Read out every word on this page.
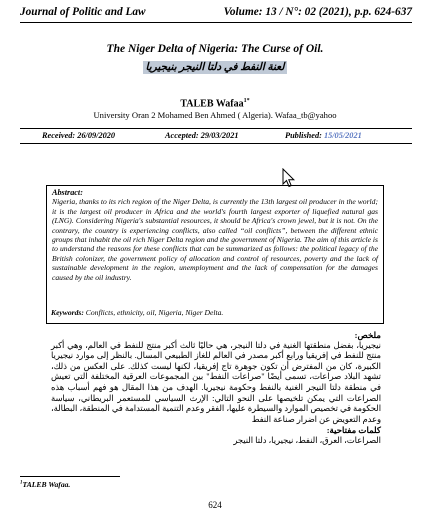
Journal of Politic and Law	Volume: 13 / N°: 02 (2021), p.p. 624-637
The Niger Delta of Nigeria: The Curse of Oil.
لعنة النفط في دلتا النيجر بنيجيريا
TALEB Wafaa$^{1*}$
University Oran 2 Mohamed Ben Ahmed ( Algeria). Wafaa_tb@yahoo
Received: 26/09/2020	Accepted: 29/03/2021	Published: 15/05/2021
Abstract:
Nigeria, thanks to its rich region of the Niger Delta, is currently the 13th largest oil producer in the world; it is the largest oil producer in Africa and the world's fourth largest exporter of liquefied natural gas (LNG). Considering Nigeria's substantial resources, it should be Africa's crown jewel, but it is not. On the contrary, the country is experiencing conflicts, also called “oil conflicts”, between the different ethnic groups that inhabit the oil rich Niger Delta region and the government of Nigeria. The aim of this article is to understand the reasons for these conflicts that can be summarized as follows: the political legacy of the British colonizer, the government policy of allocation and control of resources, poverty and the lack of sustainable development in the region, unemployment and the lack of compensation for the damages caused by the oil industry.
Keywords: Conflicts, ethnicity, oil, Nigeria, Niger Delta.
ملخص:
نيجيريا، بفضل منطقتها الغنية في دلتا النيجر، هي حاليًا ثالث أكبر منتج للنفط في العالم، وهي أكبر منتج للنفط في إفريقيا ورابع أكبر مصدر في العالم للغاز الطبيعي المسال. بالنظر إلى موارد نيجيريا الكبيرة، كان من المفترض أن تكون جوهرة تاج إفريقيا، لكنها ليست كذلك. على العكس من ذلك، تشهد البلاد صراعات، تسمى أيضًا "صراعات النفط" بين المجموعات العرقية المختلفة التي تعيش في منطقة دلتا النيجر الغنية بالنفط وحكومة نيجيريا. الهدف من هذا المقال هو فهم أسباب هذه الصراعات التي يمكن تلخيصها على النحو التالي: الإرث السياسي للمستعمر البريطاني، سياسة الحكومة في تخصيص الموارد والسيطرة عليها، الفقر وعدم التنمية المستدامة في المنطقة، البطالة، وعدم التعويض عن اضرار صناعة النفط
كلمات مفتاحية:
الصراعات، العرق، النفط، نيجيريا، دلتا النيجر
$^1$TALEB Wafaa.
624
